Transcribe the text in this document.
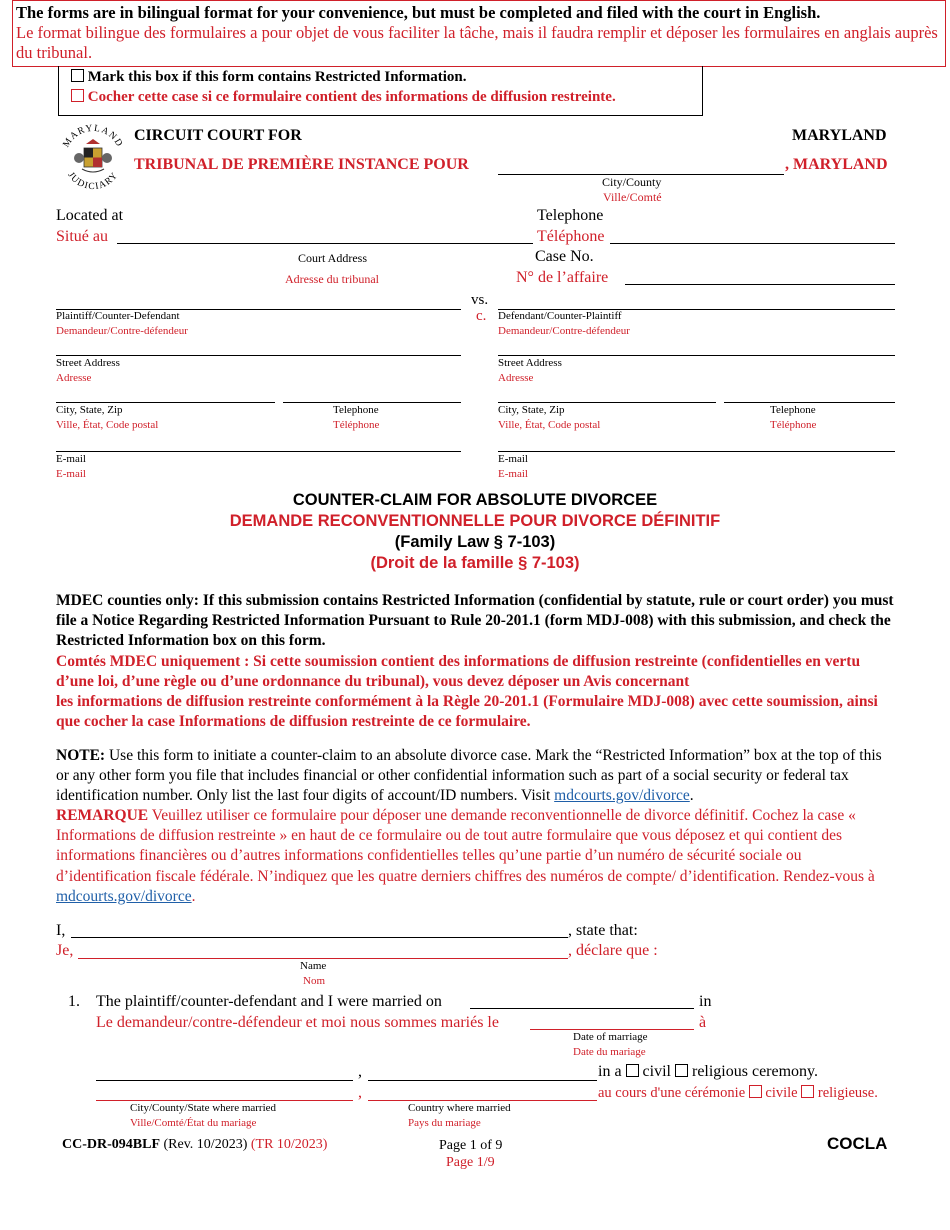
The forms are in bilingual format for your convenience, but must be completed and filed with the court in English.
Le format bilingue des formulaires a pour objet de vous faciliter la tâche, mais il faudra remplir et déposer les formulaires en anglais auprès du tribunal.
Mark this box if this form contains Restricted Information.
Cocher cette case si ce formulaire contient des informations de diffusion restreinte.
MARYLAND
JUDICIARY
CIRCUIT COURT FOR	MARYLAND
TRIBUNAL DE PREMIÈRE INSTANCE POUR	, MARYLAND
City/County
Ville/Comté
Located at
Situé au
Court Address
Adresse du tribunal
Telephone
Téléphone
Case No.
N° de l’affaire
vs.
c.
Plaintiff/Counter-Defendant
Demandeur/Contre-défendeur
Defendant/Counter-Plaintiff
Demandeur/Contre-défendeur
Street Address
Adresse
Street Address
Adresse
City, State, Zip
Ville, État, Code postal
Telephone
Téléphone
City, State, Zip
Ville, État, Code postal
Telephone
Téléphone
E-mail
E-mail
E-mail
E-mail
COUNTER-CLAIM FOR ABSOLUTE DIVORCEE
DEMANDE RECONVENTIONNELLE POUR DIVORCE DÉFINITIF
(Family Law § 7-103)
(Droit de la famille § 7-103)
MDEC counties only: If this submission contains Restricted Information (confidential by statute, rule or court order) you must file a Notice Regarding Restricted Information Pursuant to Rule 20-201.1 (form MDJ-008) with this submission, and check the Restricted Information box on this form.
Comtés MDEC uniquement : Si cette soumission contient des informations de diffusion restreinte (confidentielles en vertu d’une loi, d’une règle ou d’une ordonnance du tribunal), vous devez déposer un Avis concernant
les informations de diffusion restreinte conformément à la Règle 20-201.1 (Formulaire MDJ-008) avec cette soumission, ainsi que cocher la case Informations de diffusion restreinte de ce formulaire.
NOTE: Use this form to initiate a counter-claim to an absolute divorce case. Mark the “Restricted Information” box at the top of this or any other form you file that includes financial or other confidential information such as part of a social security or federal tax identification number. Only list the last four digits of account/ID numbers. Visit mdcourts.gov/divorce.
REMARQUE Veuillez utiliser ce formulaire pour déposer une demande reconventionnelle de divorce définitif. Cochez la case « Informations de diffusion restreinte » en haut de ce formulaire ou de tout autre formulaire que vous déposez et qui contient des informations financières ou d’autres informations confidentielles telles qu’une partie d’un numéro de sécurité sociale ou d’identification fiscale fédérale. N’indiquez que les quatre derniers chiffres des numéros de compte/ d’identification. Rendez-vous à mdcourts.gov/divorce.
I,	, state that:
Je,	, déclare que :
Name
Nom
1. The plaintiff/counter-defendant and I were married on	in
Le demandeur/contre-défendeur et moi nous sommes mariés le	à
Date of marriage
Date du mariage
,	in a civil religious ceremony.
,	au cours d'une cérémonie civile religieuse.
City/County/State where married
Ville/Comté/État du mariage
Country where married
Pays du mariage
CC-DR-094BLF (Rev. 10/2023) (TR 10/2023)	Page 1 of 9
Page 1/9
COCLA
